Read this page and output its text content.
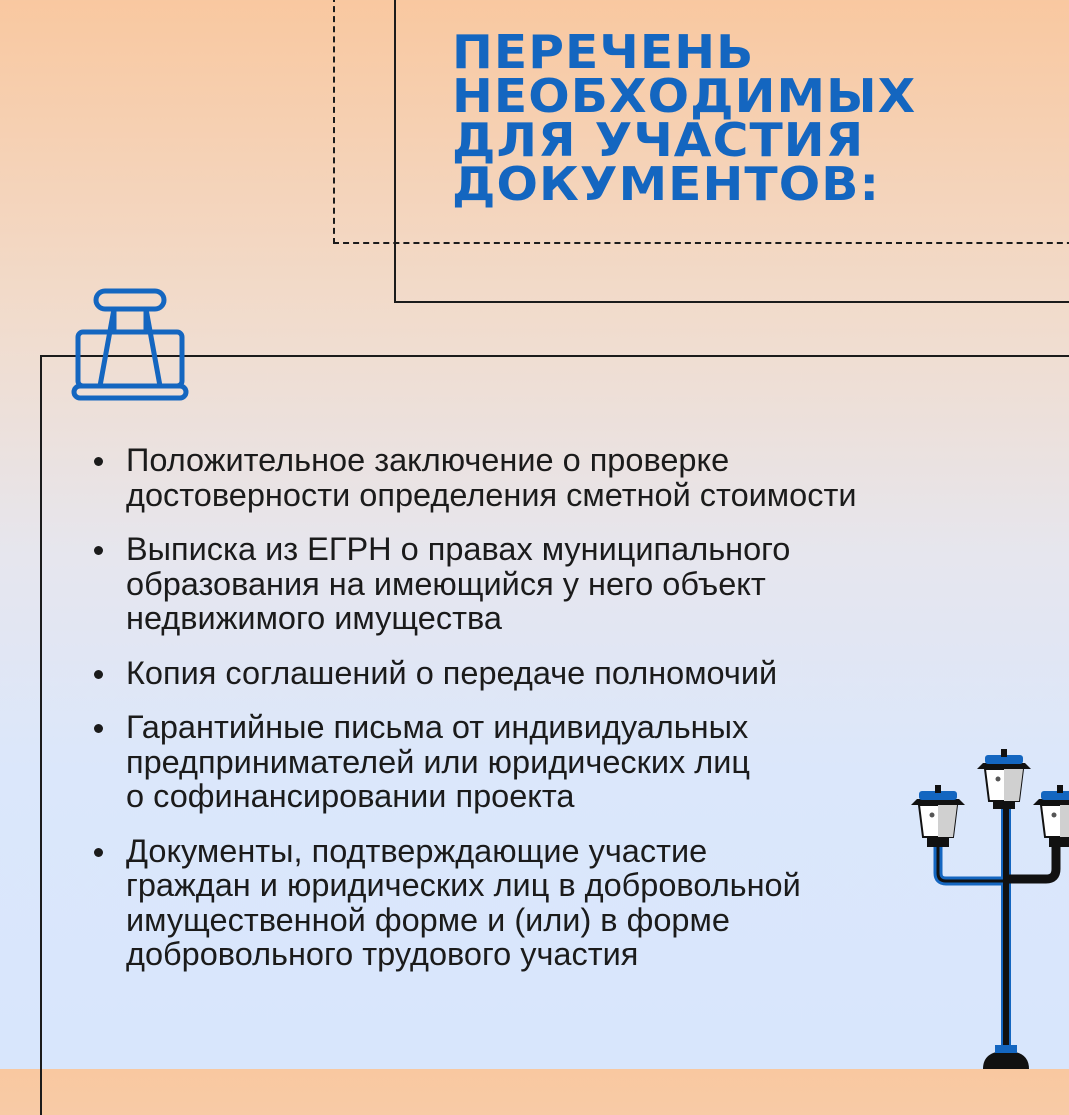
ПЕРЕЧЕНЬ
НЕОБХОДИМЫХ
ДЛЯ УЧАСТИЯ
ДОКУМЕНТОВ:
Положительное заключение о проверке
достоверности определения сметной стоимости
Выписка из ЕГРН о правах муниципального
образования на имеющийся у него объект
недвижимого имущества
Копия соглашений о передаче полномочий
Гарантийные письма от индивидуальных
предпринимателей или юридических лиц
о софинансировании проекта
Документы, подтверждающие участие
граждан и юридических лиц в добровольной
имущественной форме и (или) в форме
добровольного трудового участия
